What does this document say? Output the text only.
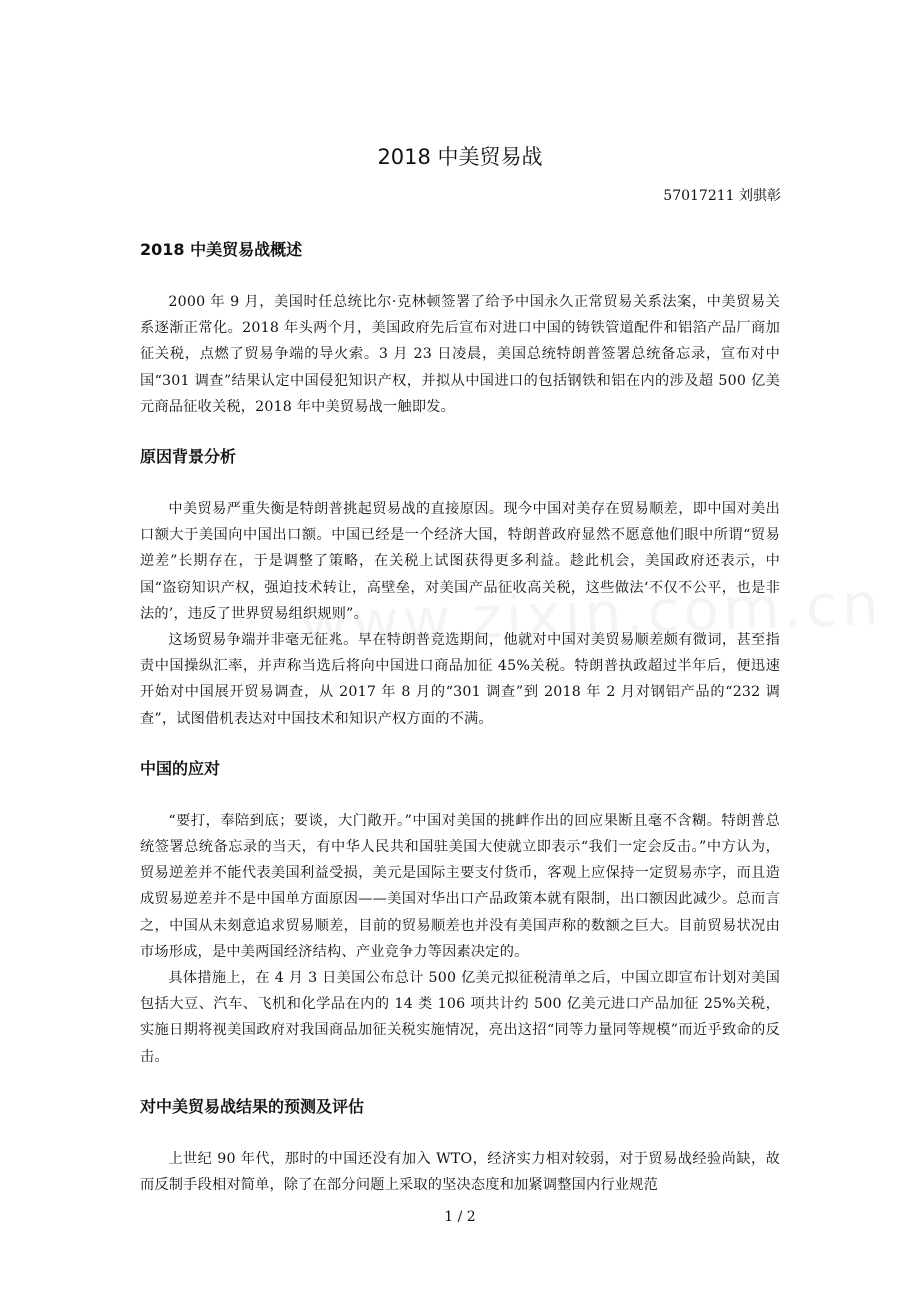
2018 中美贸易战

57017211 刘骐彰

2018 中美贸易战概述

2000 年 9 月，美国时任总统比尔·克林顿签署了给予中国永久正常贸易关系法案，中美贸易关系逐渐正常化。2018 年头两个月，美国政府先后宣布对进口中国的铸铁管道配件和铝箔产品厂商加征关税，点燃了贸易争端的导火索。3 月 23 日凌晨，美国总统特朗普签署总统备忘录，宣布对中国“301 调查”结果认定中国侵犯知识产权，并拟从中国进口的包括钢铁和铝在内的涉及超 500 亿美元商品征收关税，2018 年中美贸易战一触即发。

原因背景分析

中美贸易严重失衡是特朗普挑起贸易战的直接原因。现今中国对美存在贸易顺差，即中国对美出口额大于美国向中国出口额。中国已经是一个经济大国，特朗普政府显然不愿意他们眼中所谓“贸易逆差”长期存在，于是调整了策略，在关税上试图获得更多利益。趁此机会，美国政府还表示，中国“盗窃知识产权，强迫技术转让，高壁垒，对美国产品征收高关税，这些做法‘不仅不公平，也是非法的’，违反了世界贸易组织规则”。

这场贸易争端并非毫无征兆。早在特朗普竞选期间，他就对中国对美贸易顺差颇有微词，甚至指责中国操纵汇率，并声称当选后将向中国进口商品加征 45%关税。特朗普执政超过半年后，便迅速开始对中国展开贸易调查，从 2017 年 8 月的“301 调查”到 2018 年 2 月对钢铝产品的“232 调查”，试图借机表达对中国技术和知识产权方面的不满。

中国的应对

“要打，奉陪到底；要谈，大门敞开。”中国对美国的挑衅作出的回应果断且毫不含糊。特朗普总统签署总统备忘录的当天，有中华人民共和国驻美国大使就立即表示“我们一定会反击。”中方认为，贸易逆差并不能代表美国利益受损，美元是国际主要支付货币，客观上应保持一定贸易赤字，而且造成贸易逆差并不是中国单方面原因——美国对华出口产品政策本就有限制，出口额因此减少。总而言之，中国从未刻意追求贸易顺差，目前的贸易顺差也并没有美国声称的数额之巨大。目前贸易状况由市场形成，是中美两国经济结构、产业竞争力等因素决定的。

具体措施上，在 4 月 3 日美国公布总计 500 亿美元拟征税清单之后，中国立即宣布计划对美国包括大豆、汽车、飞机和化学品在内的 14 类 106 项共计约 500 亿美元进口产品加征 25%关税，实施日期将视美国政府对我国商品加征关税实施情况，亮出这招“同等力量同等规模”而近乎致命的反击。

对中美贸易战结果的预测及评估

上世纪 90 年代，那时的中国还没有加入 WTO，经济实力相对较弱，对于贸易战经验尚缺，故而反制手段相对简单，除了在部分问题上采取的坚决态度和加紧调整国内行业规范

1 / 2
